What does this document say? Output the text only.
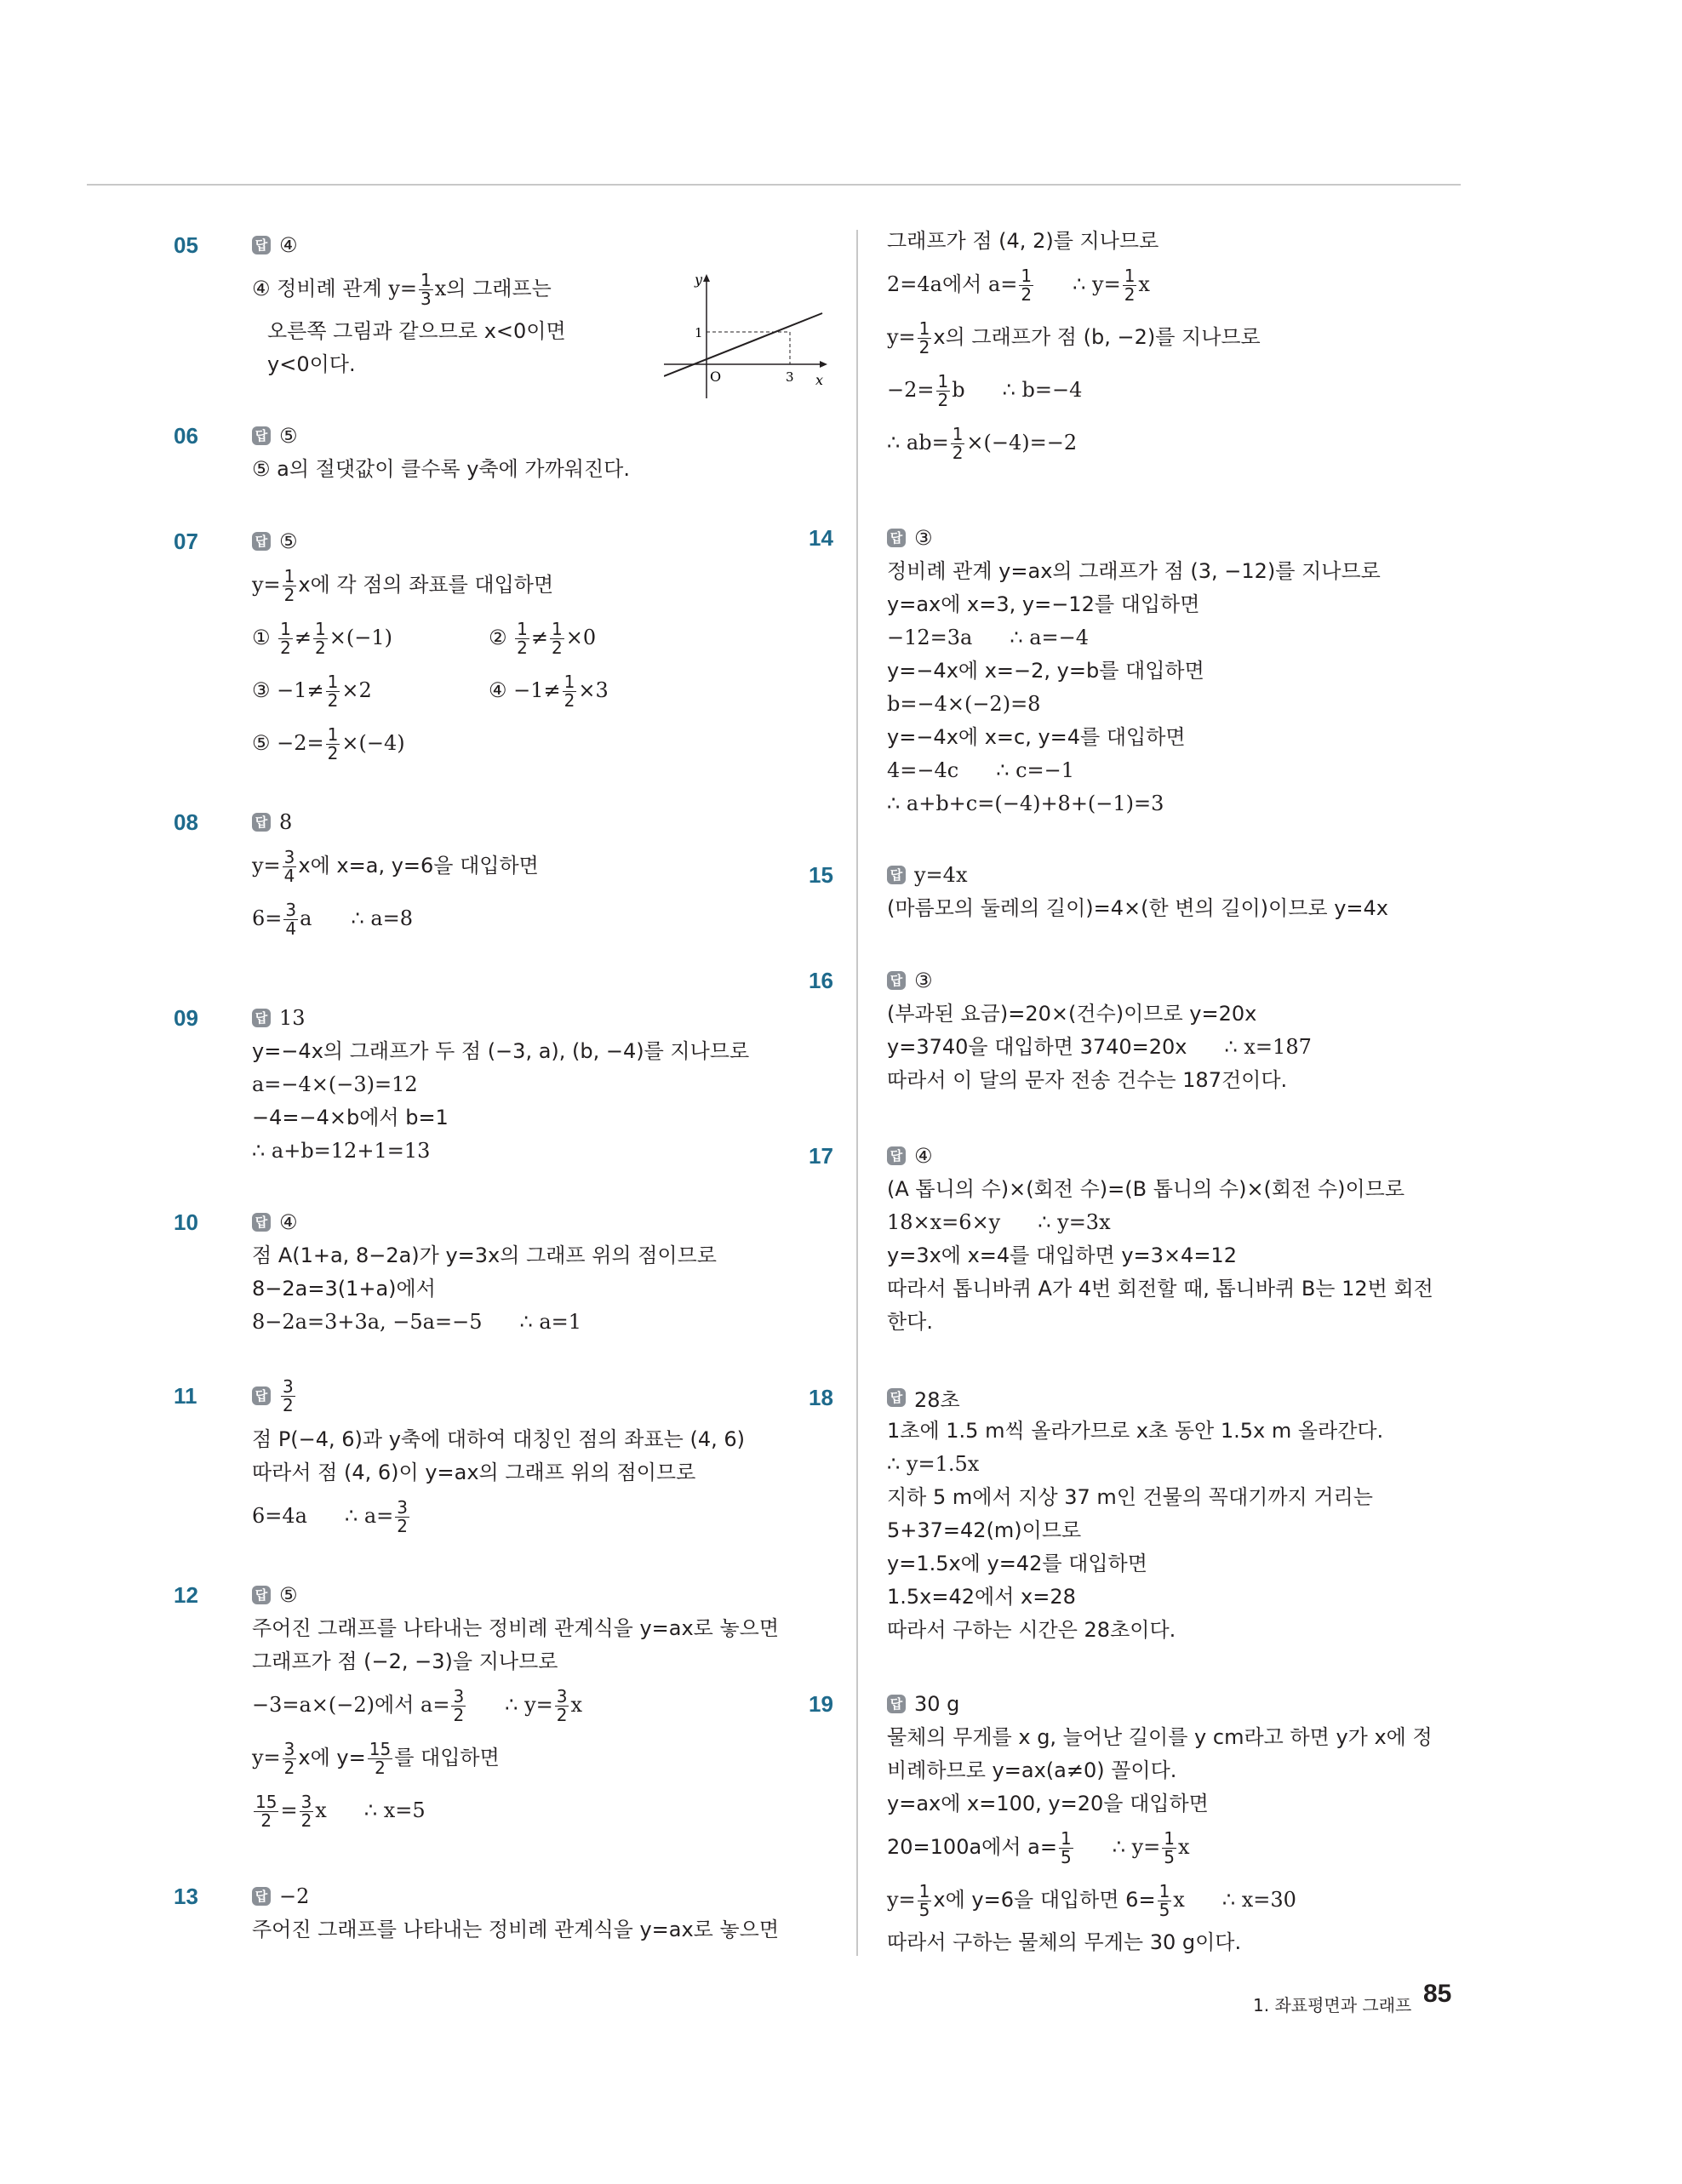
y
x
O
1
3
05	답 ④
④ 정비례 관계 $y= \frac{1}{3}$ x의 그래프는
오른쪽 그림과 같으므로 x<0이면
y<0이다.
06	답 ⑤
⑤ a의 절댓값이 클수록 y축에 가까워진다.
07	답 ⑤
$y= \frac{1}{2}$ x에 각 점의 좌표를 대입하면
① $\frac{1}{2} \ne \frac{1}{2} \times(-1)$	② $\frac{1}{2} \ne \frac{1}{2} \times 0$
③ $-1\ne \frac{1}{2} \times 2$	④ $-1\ne \frac{1}{2} \times 3$
⑤ $-2= \frac{1}{2} \times(-4)$
08	답 8
$y= \frac{3}{4}$ x에 x=a, y=6을 대입하면
$6= \frac{3}{4}$ a ∴ a=8
09	답 13
y=−4x의 그래프가 두 점 (−3, a), (b, −4)를 지나므로
a=−4×(−3)=12
−4=−4×b에서 b=1
∴ a+b=12+1=13
10	답 ④
점 A(1+a, 8−2a)가 y=3x의 그래프 위의 점이므로
8−2a=3(1+a)에서
8−2a=3+3a, −5a=−5 ∴ a=1
11	답 3
2
점 P(−4, 6)과 y축에 대하여 대칭인 점의 좌표는 (4, 6)
따라서 점 (4, 6)이 y=ax의 그래프 위의 점이므로
6=4a ∴ $a= \frac{3}{2}$
12	답 ⑤
주어진 그래프를 나타내는 정비례 관계식을 y=ax로 놓으면
그래프가 점 (−2, −3)을 지나므로
−3=a×(−2)에서 $a= \frac{3}{2}$ ∴ $y= \frac{3}{2}$ x
$y= \frac{3}{2}$ x에 $y= \frac{15}{2}$ 를 대입하면
$\frac{15}{2} = \frac{3}{2}$ x ∴ x=5
13	답 −2
주어진 그래프를 나타내는 정비례 관계식을 y=ax로 놓으면
그래프가 점 (4, 2)를 지나므로
2=4a에서 $a= \frac{1}{2}$ ∴ $y= \frac{1}{2}$ x
$y= \frac{1}{2}$ x의 그래프가 점 (b, −2)를 지나므로
$-2= \frac{1}{2}$ b ∴ b=−4
∴ $ab= \frac{1}{2} \times(-4)=-2$
14	답 ③
정비례 관계 y=ax의 그래프가 점 (3, −12)를 지나므로
y=ax에 x=3, y=−12를 대입하면
−12=3a ∴ a=−4
y=−4x에 x=−2, y=b를 대입하면
b=−4×(−2)=8
y=−4x에 x=c, y=4를 대입하면
4=−4c ∴ c=−1
∴ a+b+c=(−4)+8+(−1)=3
15	답 y=4x
(마름모의 둘레의 길이)=4×(한 변의 길이)이므로 y=4x
16	답 ③
(부과된 요금)=20×(건수)이므로 y=20x
y=3740을 대입하면 3740=20x ∴ x=187
따라서 이 달의 문자 전송 건수는 187건이다.
17	답 ④
(A 톱니의 수)×(회전 수)=(B 톱니의 수)×(회전 수)이므로
18×x=6×y ∴ y=3x
y=3x에 x=4를 대입하면 y=3×4=12
따라서 톱니바퀴 A가 4번 회전할 때, 톱니바퀴 B는 12번 회전
한다.
18	답 28초
1초에 1.5 m씩 올라가므로 x초 동안 1.5x m 올라간다.
∴ y=1.5x
지하 5 m에서 지상 37 m인 건물의 꼭대기까지 거리는
5+37=42(m)이므로
y=1.5x에 y=42를 대입하면
1.5x=42에서 x=28
따라서 구하는 시간은 28초이다.
19	답 30 g
물체의 무게를 x g, 늘어난 길이를 y cm라고 하면 y가 x에 정
비례하므로 y=ax(a≠0) 꼴이다.
y=ax에 x=100, y=20을 대입하면
20=100a에서 $a= \frac{1}{5}$ ∴ $y= \frac{1}{5}$ x
$y= \frac{1}{5}$ x에 y=6을 대입하면 $6= \frac{1}{5}$ x ∴ x=30
따라서 구하는 물체의 무게는 30 g이다.
1. 좌표평면과 그래프 85
